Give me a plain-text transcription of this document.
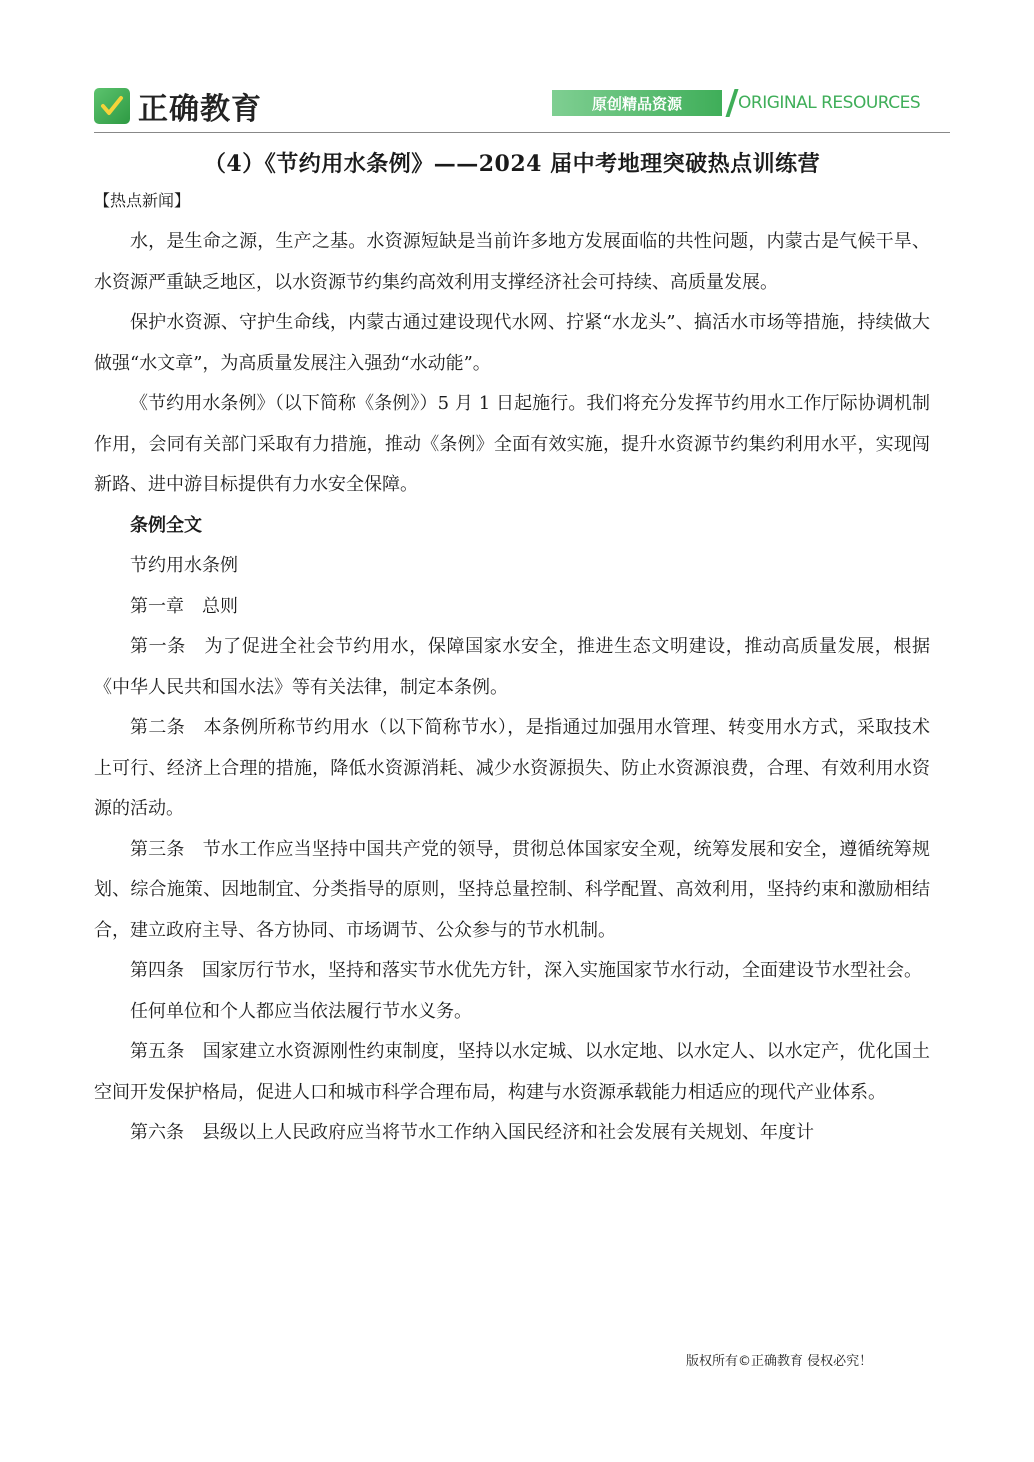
正确教育	原创精品资源	ORIGINAL RESOURCES
（4）《节约用水条例》——2024 届中考地理突破热点训练营
【热点新闻】

水，是生命之源，生产之基。水资源短缺是当前许多地方发展面临的共性问题，内蒙古是气候干旱、水资源严重缺乏地区，以水资源节约集约高效利用支撑经济社会可持续、高质量发展。

保护水资源、守护生命线，内蒙古通过建设现代水网、拧紧“水龙头”、搞活水市场等措施，持续做大做强“水文章”，为高质量发展注入强劲“水动能”。

《节约用水条例》（以下简称《条例》）5 月 1 日起施行。我们将充分发挥节约用水工作厅际协调机制作用，会同有关部门采取有力措施，推动《条例》全面有效实施，提升水资源节约集约利用水平，实现闯新路、进中游目标提供有力水安全保障。

条例全文

节约用水条例

第一章　总则

第一条　为了促进全社会节约用水，保障国家水安全，推进生态文明建设，推动高质量发展，根据《中华人民共和国水法》等有关法律，制定本条例。

第二条　本条例所称节约用水（以下简称节水），是指通过加强用水管理、转变用水方式，采取技术上可行、经济上合理的措施，降低水资源消耗、减少水资源损失、防止水资源浪费，合理、有效利用水资源的活动。

第三条　节水工作应当坚持中国共产党的领导，贯彻总体国家安全观，统筹发展和安全，遵循统筹规划、综合施策、因地制宜、分类指导的原则，坚持总量控制、科学配置、高效利用，坚持约束和激励相结合，建立政府主导、各方协同、市场调节、公众参与的节水机制。

第四条　国家厉行节水，坚持和落实节水优先方针，深入实施国家节水行动，全面建设节水型社会。

任何单位和个人都应当依法履行节水义务。

第五条　国家建立水资源刚性约束制度，坚持以水定城、以水定地、以水定人、以水定产，优化国土空间开发保护格局，促进人口和城市科学合理布局，构建与水资源承载能力相适应的现代产业体系。

第六条　县级以上人民政府应当将节水工作纳入国民经济和社会发展有关规划、年度计

版权所有©正确教育 侵权必究！
